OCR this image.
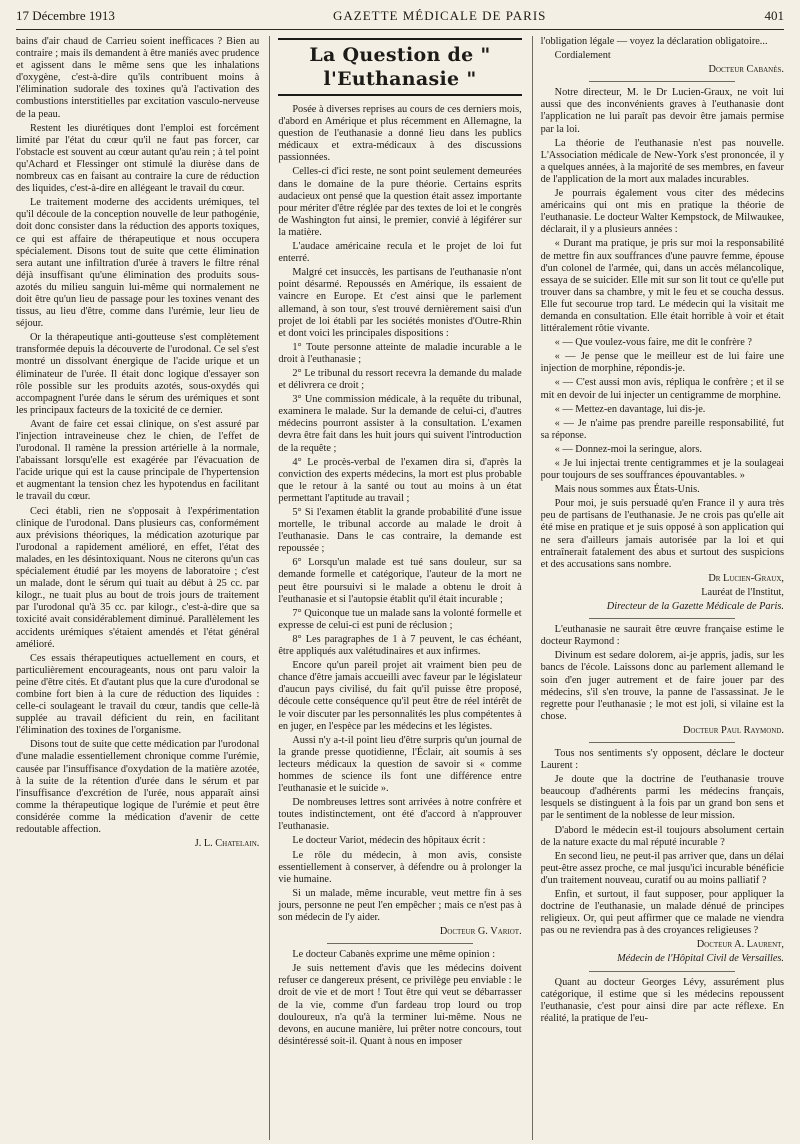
17 Décembre 1913	GAZETTE MÉDICALE DE PARIS	401

bains d'air chaud de Carrieu soient inefficaces ? Bien au contraire ; mais ils demandent à être maniés avec prudence et agissent dans le même sens que les inhalations d'oxygène, c'est-à-dire qu'ils contribuent moins à l'élimination sudorale des toxines qu'à l'activation des combustions interstitielles par excitation vasculo-nerveuse de la peau.

Restent les diurétiques dont l'emploi est forcément limité par l'état du cœur qu'il ne faut pas forcer, car l'obstacle est souvent au cœur autant qu'au rein ; à tel point qu'Achard et Flessinger ont stimulé la diurèse dans de nombreux cas en faisant au contraire la cure de réduction des liquides, c'est-à-dire en allégeant le travail du cœur.

Le traitement moderne des accidents urémiques, tel qu'il découle de la conception nouvelle de leur pathogénie, doit donc consister dans la réduction des apports toxiques, ce qui est affaire de thérapeutique et nous occupera spécialement. Disons tout de suite que cette élimination sera autant une infiltration d'urée à travers le filtre rénal déjà insuffisant qu'une élimination des produits sous-azotés du milieu sanguin lui-même qui normalement ne doit être qu'un lieu de passage pour les toxines venant des tissus, au lieu d'être, comme dans l'urémie, leur lieu de séjour.

Or la thérapeutique anti-goutteuse s'est complètement transformée depuis la découverte de l'urodonal. Ce sel s'est montré un dissolvant énergique de l'acide urique et un éliminateur de l'urée. Il était donc logique d'essayer son rôle possible sur les produits azotés, sous-oxydés qui accompagnent l'urée dans le sérum des urémiques et sont les principaux facteurs de la toxicité de ce dernier.

Avant de faire cet essai clinique, on s'est assuré par l'injection intraveineuse chez le chien, de l'effet de l'urodonal. Il ramène la pression artérielle à la normale, l'abaissant lorsqu'elle est exagérée par l'évacuation de l'acide urique qui est la cause principale de l'hypertension et augmentant la tension chez les hypotendus en facilitant le travail du cœur.

Ceci établi, rien ne s'opposait à l'expérimentation clinique de l'urodonal. Dans plusieurs cas, conformément aux prévisions théoriques, la médication azoturique par l'urodonal a rapidement amélioré, en effet, l'état des malades, en les désintoxiquant. Nous ne citerons qu'un cas spécialement étudié par les moyens de laboratoire ; c'est un malade, dont le sérum qui tuait au début à 25 cc. par kilogr., ne tuait plus au bout de trois jours de traitement par l'urodonal qu'à 35 cc. par kilogr., c'est-à-dire que sa toxicité avait considérablement diminué. Parallèlement les accidents urémiques s'étaient amendés et l'état général amélioré.

Ces essais thérapeutiques actuellement en cours, et particulièrement encourageants, nous ont paru valoir la peine d'être cités. Et d'autant plus que la cure d'urodonal se combine fort bien à la cure de réduction des liquides : celle-ci soulageant le travail du cœur, tandis que celle-là supplée au travail déficient du rein, en facilitant l'élimination des toxines de l'organisme.

Disons tout de suite que cette médication par l'urodonal d'une maladie essentiellement chronique comme l'urémie, causée par l'insuffisance d'oxydation de la matière azotée, à la suite de la rétention d'urée dans le sérum et par l'insuffisance d'excrétion de l'urée, nous apparaît ainsi comme la thérapeutique logique de l'urémie et peut être considérée comme la médication d'avenir de cette redoutable affection.

J. L. Chatelain.

La Question de " l'Euthanasie "

Posée à diverses reprises au cours de ces derniers mois, d'abord en Amérique et plus récemment en Allemagne, la question de l'euthanasie a donné lieu dans les publics médicaux et extra-médicaux à des discussions passionnées.

Celles-ci d'ici reste, ne sont point seulement demeurées dans le domaine de la pure théorie. Certains esprits audacieux ont pensé que la question était assez importante pour mériter d'être réglée par des textes de loi et le congrès de Washington fut ainsi, le premier, convié à légiférer sur la matière.

L'audace américaine recula et le projet de loi fut enterré.

Malgré cet insuccès, les partisans de l'euthanasie n'ont point désarmé. Repoussés en Amérique, ils essaient de vaincre en Europe. Et c'est ainsi que le parlement allemand, à son tour, s'est trouvé dernièrement saisi d'un projet de loi établi par les sociétés monistes d'Outre-Rhin et dont voici les principales dispositions :

1° Toute personne atteinte de maladie incurable a le droit à l'euthanasie ;

2° Le tribunal du ressort recevra la demande du malade et délivrera ce droit ;

3° Une commission médicale, à la requête du tribunal, examinera le malade. Sur la demande de celui-ci, d'autres médecins pourront assister à la consultation. L'examen devra être fait dans les huit jours qui suivent l'introduction de la requête ;

4° Le procès-verbal de l'examen dira si, d'après la conviction des experts médecins, la mort est plus probable que le retour à la santé ou tout au moins à un état permettant l'aptitude au travail ;

5° Si l'examen établit la grande probabilité d'une issue mortelle, le tribunal accorde au malade le droit à l'euthanasie. Dans le cas contraire, la demande est repoussée ;

6° Lorsqu'un malade est tué sans douleur, sur sa demande formelle et catégorique, l'auteur de la mort ne peut être poursuivi si le malade a obtenu le droit à l'euthanasie et si l'autopsie établit qu'il était incurable ;

7° Quiconque tue un malade sans la volonté formelle et expresse de celui-ci est puni de réclusion ;

8° Les paragraphes de 1 à 7 peuvent, le cas échéant, être appliqués aux valétudinaires et aux infirmes.

Encore qu'un pareil projet ait vraiment bien peu de chance d'être jamais accueilli avec faveur par le législateur d'aucun pays civilisé, du fait qu'il puisse être proposé, découle cette conséquence qu'il peut être de réel intérêt de le voir discuter par les personnalités les plus compétentes à en juger, en l'espèce par les médecins et les légistes.

Aussi n'y a-t-il point lieu d'être surpris qu'un journal de la grande presse quotidienne, l'Éclair, ait soumis à ses lecteurs médicaux la question de savoir si « comme hommes de science ils font une différence entre l'euthanasie et le suicide ».

De nombreuses lettres sont arrivées à notre confrère et toutes indistinctement, ont été d'accord à n'approuver l'euthanasie.

Le docteur Variot, médecin des hôpitaux écrit :

Le rôle du médecin, à mon avis, consiste essentiellement à conserver, à défendre ou à prolonger la vie humaine.

Si un malade, même incurable, veut mettre fin à ses jours, personne ne peut l'en empêcher ; mais ce n'est pas à son médecin de l'y aider.

Docteur G. Variot.

Le docteur Cabanès exprime une même opinion :

Je suis nettement d'avis que les médecins doivent refuser ce dangereux présent, ce privilège peu enviable : le droit de vie et de mort ! Tout être qui veut se débarrasser de la vie, comme d'un fardeau trop lourd ou trop douloureux, n'a qu'à la terminer lui-même. Nous ne devons, en aucune manière, lui prêter notre concours, tout désintéressé soit-il. Quant à nous en imposer

l'obligation légale — voyez la déclaration obligatoire...

Cordialement

Docteur Cabanès.

Notre directeur, M. le Dr Lucien-Graux, ne voit lui aussi que des inconvénients graves à l'euthanasie dont l'application ne lui paraît pas devoir être jamais permise par la loi.

La théorie de l'euthanasie n'est pas nouvelle. L'Association médicale de New-York s'est prononcée, il y a quelques années, à la majorité de ses membres, en faveur de l'application de la mort aux malades incurables.

Je pourrais également vous citer des médecins américains qui ont mis en pratique la théorie de l'euthanasie. Le docteur Walter Kempstock, de Milwaukee, déclarait, il y a plusieurs années :

« Durant ma pratique, je pris sur moi la responsabilité de mettre fin aux souffrances d'une pauvre femme, épouse d'un colonel de l'armée, qui, dans un accès mélancolique, essaya de se suicider. Elle mit sur son lit tout ce qu'elle put trouver dans sa chambre, y mit le feu et se coucha dessus. Elle fut secourue trop tard. Le médecin qui la visitait me demanda en consultation. Elle était horrible à voir et était littéralement rôtie vivante.

« — Que voulez-vous faire, me dit le confrère ?

« — Je pense que le meilleur est de lui faire une injection de morphine, répondis-je.

« — C'est aussi mon avis, répliqua le confrère ; et il se mit en devoir de lui injecter un centigramme de morphine.

« — Mettez-en davantage, lui dis-je.

« — Je n'aime pas prendre pareille responsabilité, fut sa réponse.

« — Donnez-moi la seringue, alors.

« Je lui injectai trente centigrammes et je la soulageai pour toujours de ses souffrances épouvantables. »

Mais nous sommes aux États-Unis.

Pour moi, je suis persuadé qu'en France il y aura très peu de partisans de l'euthanasie. Je ne crois pas qu'elle ait été mise en pratique et je suis opposé à son application qui ne sera d'ailleurs jamais autorisée par la loi et qui entraînerait fatalement des abus et surtout des suspicions et des accusations sans nombre.

Dr Lucien-Graux,

Lauréat de l'Institut,

Directeur de la Gazette Médicale de Paris.

L'euthanasie ne saurait être œuvre française estime le docteur Raymond :

Divinum est sedare dolorem, ai-je appris, jadis, sur les bancs de l'école. Laissons donc au parlement allemand le soin d'en juger autrement et de faire jouer par des médecins, s'il s'en trouve, la panne de l'assassinat. Je le regrette pour l'euthanasie ; le mot est joli, si vilaine est la chose.

Docteur Paul Raymond.

Tous nos sentiments s'y opposent, déclare le docteur Laurent :

Je doute que la doctrine de l'euthanasie trouve beaucoup d'adhérents parmi les médecins français, lesquels se distinguent à la fois par un grand bon sens et par le sentiment de la noblesse de leur mission.

D'abord le médecin est-il toujours absolument certain de la nature exacte du mal réputé incurable ?

En second lieu, ne peut-il pas arriver que, dans un délai peut-être assez proche, ce mal jusqu'ici incurable bénéficie d'un traitement nouveau, curatif ou au moins palliatif ?

Enfin, et surtout, il faut supposer, pour appliquer la doctrine de l'euthanasie, un malade dénué de principes religieux. Or, qui peut affirmer que ce malade ne viendra pas ou ne reviendra pas à des croyances religieuses ?

Docteur A. Laurent,

Médecin de l'Hôpital Civil de Versailles.

Quant au docteur Georges Lévy, assurément plus catégorique, il estime que si les médecins repoussent l'euthanasie, c'est pour ainsi dire par acte réflexe. En réalité, la pratique de l'eu-
